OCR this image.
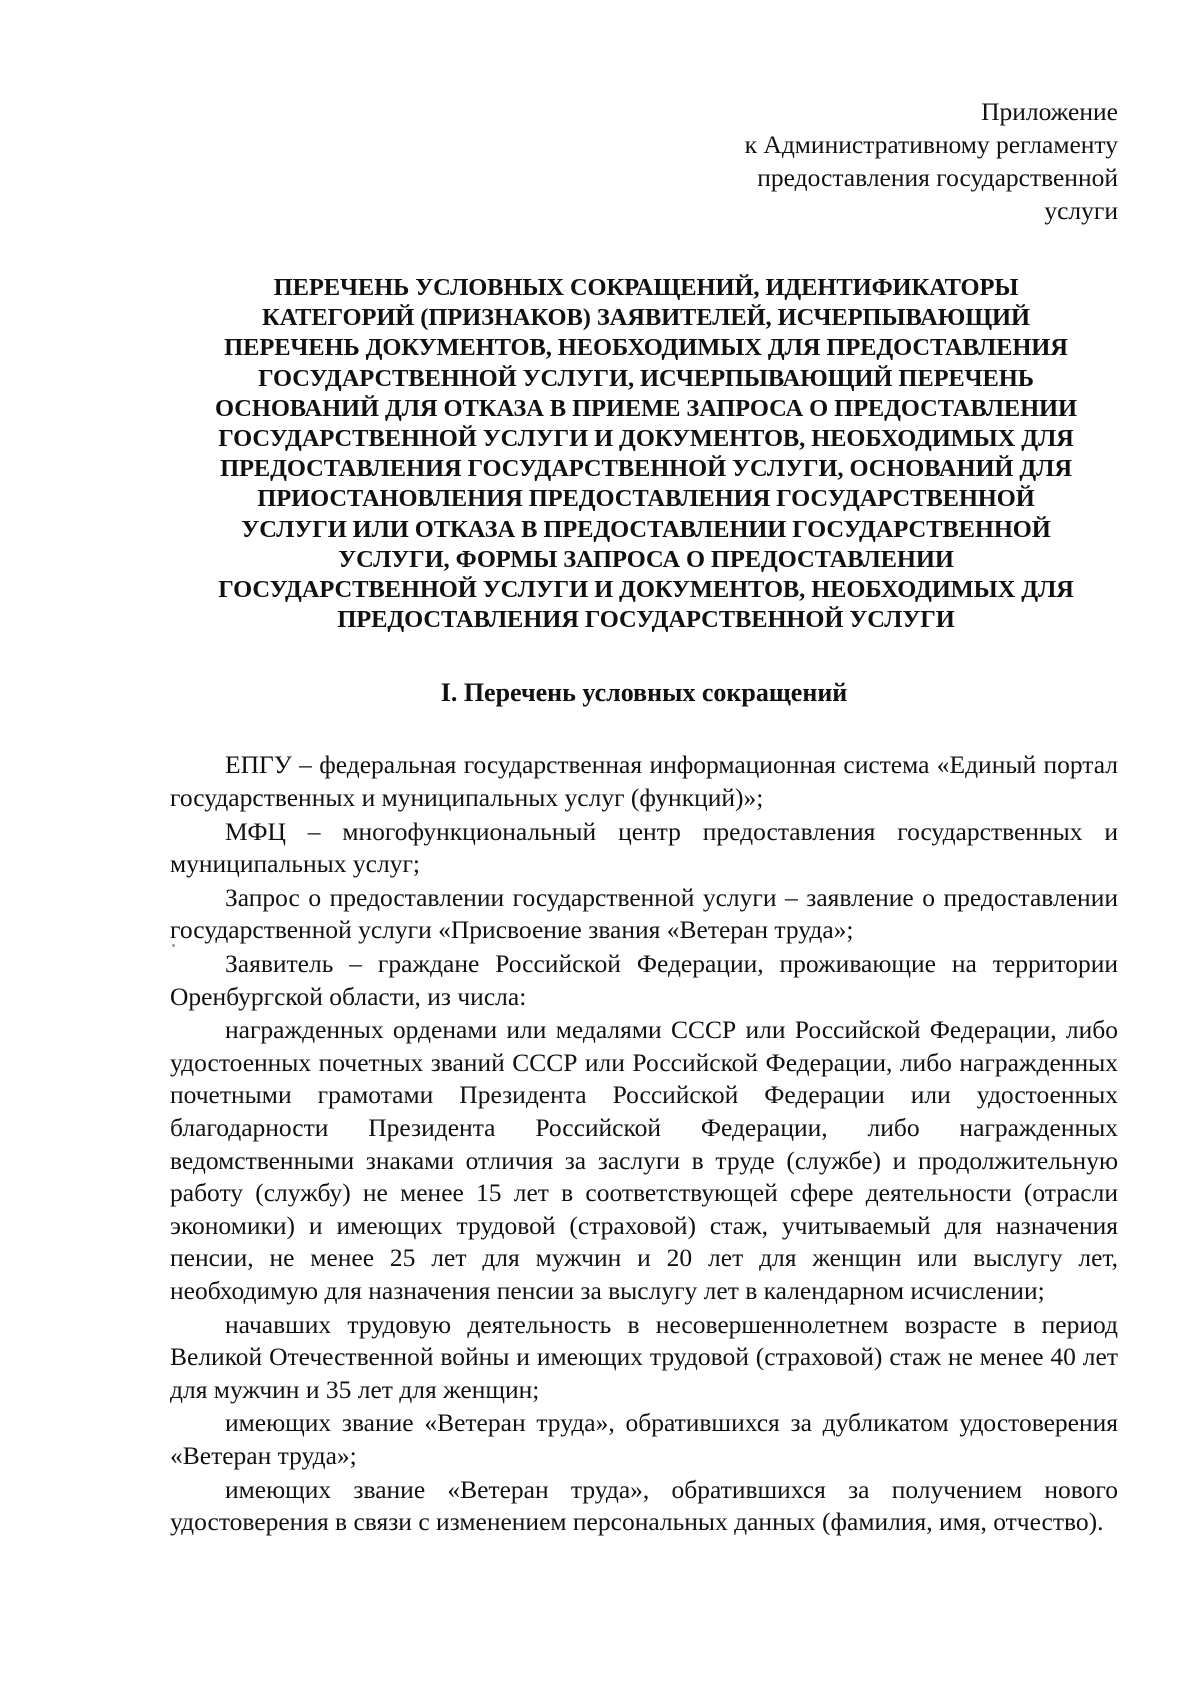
Приложение
к Административному регламенту
предоставления государственной
услуги
ПЕРЕЧЕНЬ УСЛОВНЫХ СОКРАЩЕНИЙ, ИДЕНТИФИКАТОРЫ
КАТЕГОРИЙ (ПРИЗНАКОВ) ЗАЯВИТЕЛЕЙ, ИСЧЕРПЫВАЮЩИЙ
ПЕРЕЧЕНЬ ДОКУМЕНТОВ, НЕОБХОДИМЫХ ДЛЯ ПРЕДОСТАВЛЕНИЯ
ГОСУДАРСТВЕННОЙ УСЛУГИ, ИСЧЕРПЫВАЮЩИЙ ПЕРЕЧЕНЬ
ОСНОВАНИЙ ДЛЯ ОТКАЗА В ПРИЕМЕ ЗАПРОСА О ПРЕДОСТАВЛЕНИИ
ГОСУДАРСТВЕННОЙ УСЛУГИ И ДОКУМЕНТОВ, НЕОБХОДИМЫХ ДЛЯ
ПРЕДОСТАВЛЕНИЯ ГОСУДАРСТВЕННОЙ УСЛУГИ, ОСНОВАНИЙ ДЛЯ
ПРИОСТАНОВЛЕНИЯ ПРЕДОСТАВЛЕНИЯ ГОСУДАРСТВЕННОЙ
УСЛУГИ ИЛИ ОТКАЗА В ПРЕДОСТАВЛЕНИИ ГОСУДАРСТВЕННОЙ
УСЛУГИ, ФОРМЫ ЗАПРОСА О ПРЕДОСТАВЛЕНИИ
ГОСУДАРСТВЕННОЙ УСЛУГИ И ДОКУМЕНТОВ, НЕОБХОДИМЫХ ДЛЯ
ПРЕДОСТАВЛЕНИЯ ГОСУДАРСТВЕННОЙ УСЛУГИ
I. Перечень условных сокращений

ЕПГУ – федеральная государственная информационная система «Единый портал государственных и муниципальных услуг (функций)»;

МФЦ – многофункциональный центр предоставления государственных и муниципальных услуг;

Запрос о предоставлении государственной услуги – заявление о предоставлении государственной услуги «Присвоение звания «Ветеран труда»;

Заявитель – граждане Российской Федерации, проживающие на территории Оренбургской области, из числа:

награжденных орденами или медалями СССР или Российской Федерации, либо удостоенных почетных званий СССР или Российской Федерации, либо награжденных почетными грамотами Президента Российской Федерации или удостоенных благодарности Президента Российской Федерации, либо награжденных ведомственными знаками отличия за заслуги в труде (службе) и продолжительную работу (службу) не менее 15 лет в соответствующей сфере деятельности (отрасли экономики) и имеющих трудовой (страховой) стаж, учитываемый для назначения пенсии, не менее 25 лет для мужчин и 20 лет для женщин или выслугу лет, необходимую для назначения пенсии за выслугу лет в календарном исчислении;

начавших трудовую деятельность в несовершеннолетнем возрасте в период Великой Отечественной войны и имеющих трудовой (страховой) стаж не менее 40 лет для мужчин и 35 лет для женщин;

имеющих звание «Ветеран труда», обратившихся за дубликатом удостоверения «Ветеран труда»;

имеющих звание «Ветеран труда», обратившихся за получением нового удостоверения в связи с изменением персональных данных (фамилия, имя, отчество).
